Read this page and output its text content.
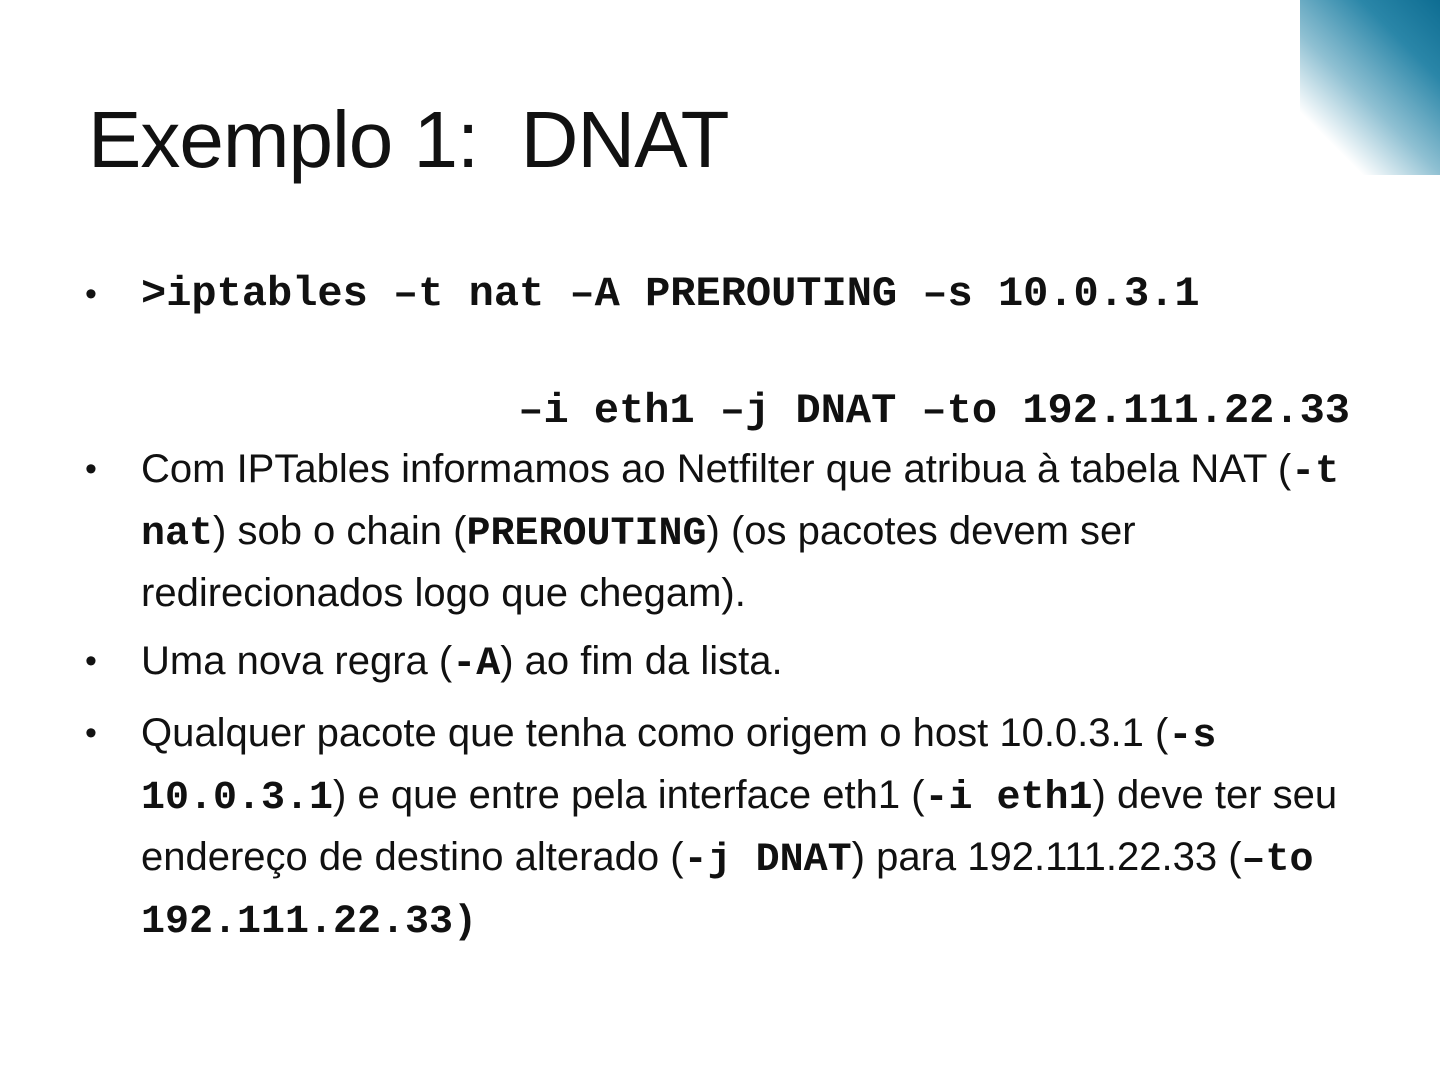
Exemplo 1:  DNAT
• >iptables –t nat –A PREROUTING –s 10.0.3.1
–i eth1 –j DNAT –to 192.111.22.33
• Com IPTables informamos ao Netfilter que atribua à tabela NAT (-t nat) sob o chain (PREROUTING) (os pacotes devem ser redirecionados logo que chegam).
• Uma nova regra (-A) ao fim da lista.
• Qualquer pacote que tenha como origem o host 10.0.3.1 (-s 10.0.3.1) e que entre pela interface eth1 (-i eth1) deve ter seu endereço de destino alterado (-j DNAT) para 192.111.22.33 (–to 192.111.22.33)
